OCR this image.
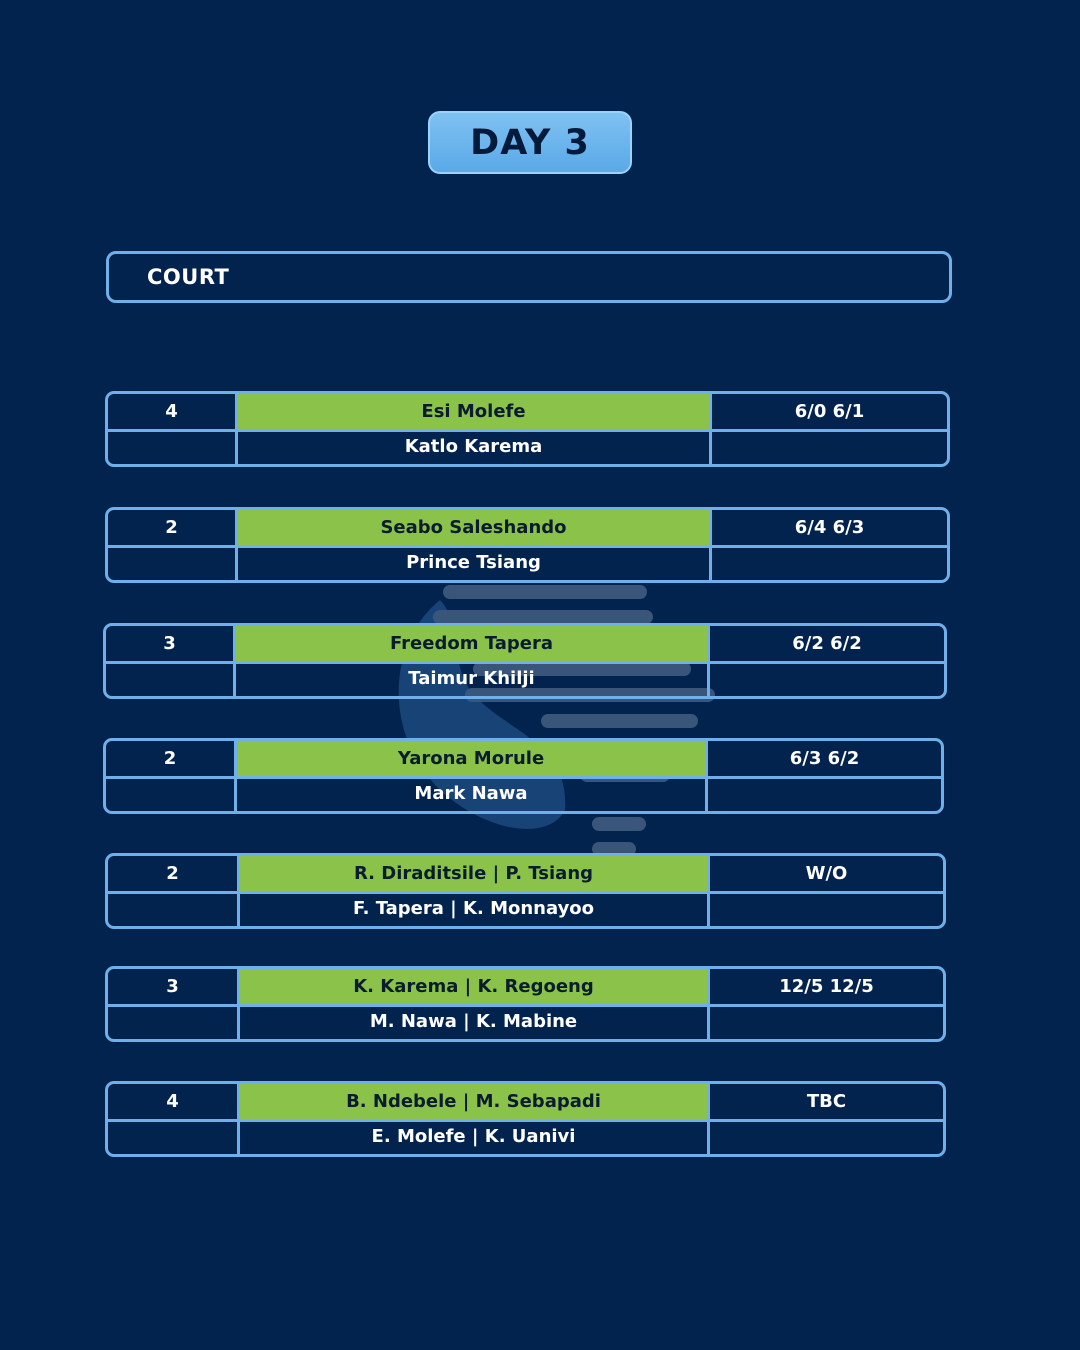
DAY 3
COURT
4	Esi Molefe	6/0 6/1
Katlo Karema
2	Seabo Saleshando	6/4 6/3
Prince Tsiang
3	Freedom Tapera	6/2 6/2
Taimur Khilji
2	Yarona Morule	6/3 6/2
Mark Nawa
2	R. Diraditsile | P. Tsiang	W/O
F. Tapera | K. Monnayoo
3	K. Karema | K. Regoeng	12/5 12/5
M. Nawa | K. Mabine
4	B. Ndebele | M. Sebapadi	TBC
E. Molefe | K. Uanivi
